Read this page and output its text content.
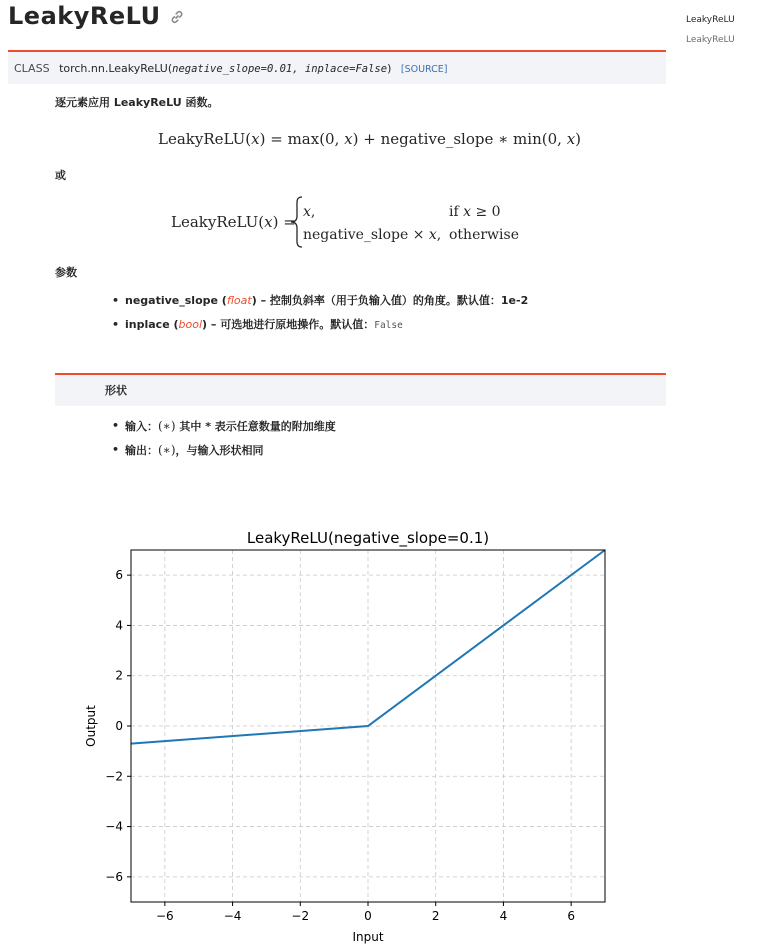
LeakyReLU	LeakyReLU
LeakyReLU
CLASS torch.nn.LeakyReLU(negative_slope=0.01, inplace=False) [SOURCE]
逐元素应用 LeakyReLU 函数。
LeakyReLU(x) = max(0, x) + negative_slope ∗ min(0, x)
或
LeakyReLU(x) =
x,	if x ≥ 0
negative_slope × x, otherwise
参数
• negative_slope (float) – 控制负斜率（用于负输入值）的角度。默认值：1e-2
• inplace (bool) – 可选地进行原地操作。默认值：False
形状
• 输入：(∗) 其中 * 表示任意数量的附加维度
• 输出：(∗)，与输入形状相同
LeakyReLU(negative_slope=0.1)
−6	−4	−2	0	2	4	6
−6
−4
−2
0
2
4
6
Input
Output
